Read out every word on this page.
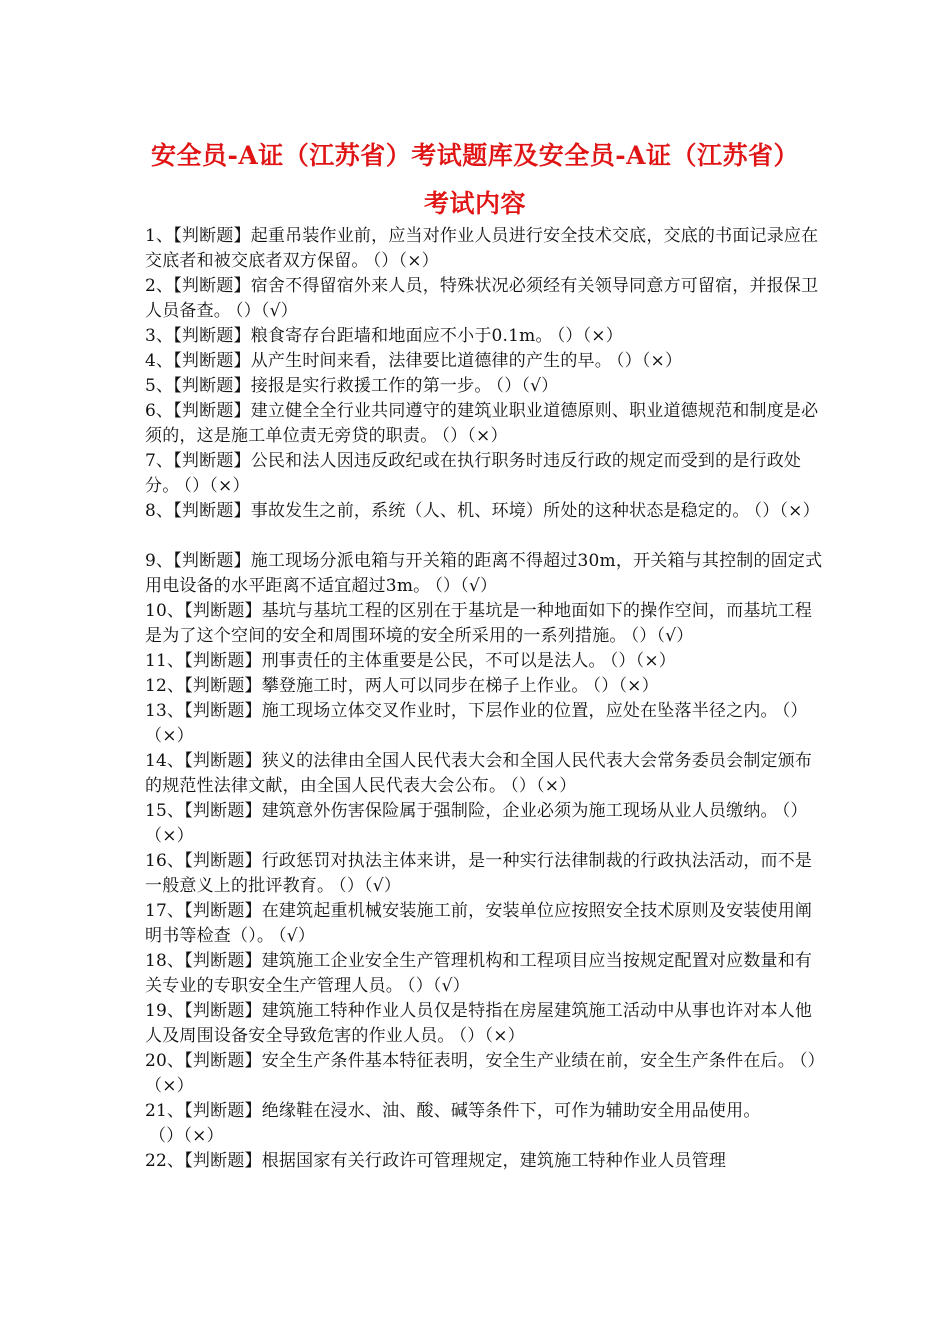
安全员-A证（江苏省）考试题库及安全员-A证（江苏省）
考试内容

1、【判断题】起重吊装作业前，应当对作业人员进行安全技术交底，交底的书面记录应在交底者和被交底者双方保留。 （）（×）

2、【判断题】宿舍不得留宿外来人员，特殊状况必须经有关领导同意方可留宿，并报保卫人员备查。 （）（√）

3、【判断题】粮食寄存台距墙和地面应不小于0.1m。 （）（×）

4、【判断题】从产生时间来看，法律要比道德律的产生的早。 （）（×）

5、【判断题】接报是实行救援工作的第一步。 （）（√）

6、【判断题】建立健全全行业共同遵守的建筑业职业道德原则、职业道德规范和制度是必须的，这是施工单位责无旁贷的职责。 （）（×）

7、【判断题】公民和法人因违反政纪或在执行职务时违反行政的规定而受到的是行政处分。 （）（×）

8、【判断题】事故发生之前，系统（人、机、环境）所处的这种状态是稳定的。 （）（×）

9、【判断题】施工现场分派电箱与开关箱的距离不得超过30m，开关箱与其控制的固定式用电设备的水平距离不适宜超过3m。 （）（√）

10、【判断题】基坑与基坑工程的区别在于基坑是一种地面如下的操作空间，而基坑工程是为了这个空间的安全和周围环境的安全所采用的一系列措施。 （）（√）

11、【判断题】刑事责任的主体重要是公民，不可以是法人。 （）（×）

12、【判断题】攀登施工时，两人可以同步在梯子上作业。 （）（×）

13、【判断题】施工现场立体交叉作业时，下层作业的位置，应处在坠落半径之内。 （）（×）

14、【判断题】狭义的法律由全国人民代表大会和全国人民代表大会常务委员会制定颁布的规范性法律文献，由全国人民代表大会公布。 （）（×）

15、【判断题】建筑意外伤害保险属于强制险，企业必须为施工现场从业人员缴纳。 （）（×）

16、【判断题】行政惩罚对执法主体来讲，是一种实行法律制裁的行政执法活动，而不是一般意义上的批评教育。 （）（√）

17、【判断题】在建筑起重机械安装施工前，安装单位应按照安全技术原则及安装使用阐明书等检查（）。 （√）

18、【判断题】建筑施工企业安全生产管理机构和工程项目应当按规定配置对应数量和有关专业的专职安全生产管理人员。 （）（√）

19、【判断题】建筑施工特种作业人员仅是特指在房屋建筑施工活动中从事也许对本人他人及周围设备安全导致危害的作业人员。 （）（×）

20、【判断题】安全生产条件基本特征表明，安全生产业绩在前，安全生产条件在后。 （）（×）

21、【判断题】绝缘鞋在浸水、油、酸、碱等条件下，可作为辅助安全用品使用。（）（×）

22、【判断题】根据国家有关行政许可管理规定，建筑施工特种作业人员管理
